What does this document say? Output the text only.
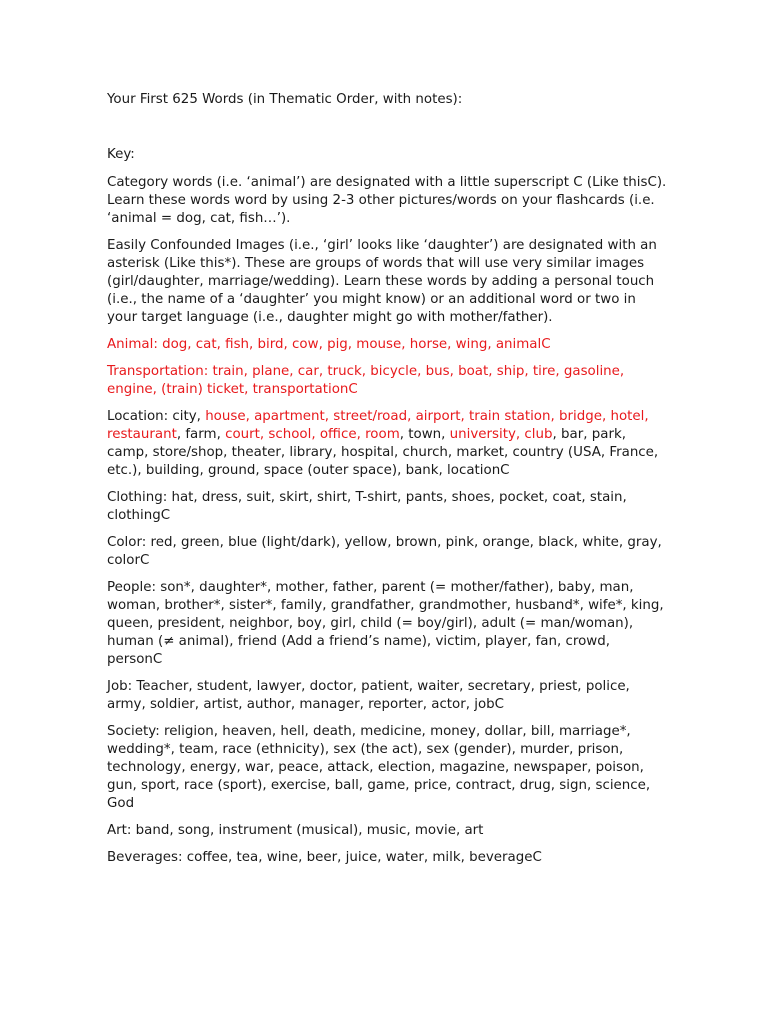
Your First 625 Words (in Thematic Order, with notes):

Key:

Category words (i.e. ‘animal’) are designated with a little superscript C (Like thisC). Learn these words word by using 2-3 other pictures/words on your flashcards (i.e. ‘animal = dog, cat, fish…’).

Easily Confounded Images (i.e., ‘girl’ looks like ‘daughter’) are designated with an asterisk (Like this*). These are groups of words that will use very similar images (girl/daughter, marriage/wedding). Learn these words by adding a personal touch (i.e., the name of a ‘daughter’ you might know) or an additional word or two in your target language (i.e., daughter might go with mother/father).

Animal: dog, cat, fish, bird, cow, pig, mouse, horse, wing, animalC

Transportation: train, plane, car, truck, bicycle, bus, boat, ship, tire, gasoline, engine, (train) ticket, transportationC

Location: city, house, apartment, street/road, airport, train station, bridge, hotel, restaurant, farm, court, school, office, room, town, university, club, bar, park, camp, store/shop, theater, library, hospital, church, market, country (USA, France, etc.), building, ground, space (outer space), bank, locationC

Clothing: hat, dress, suit, skirt, shirt, T-shirt, pants, shoes, pocket, coat, stain, clothingC

Color: red, green, blue (light/dark), yellow, brown, pink, orange, black, white, gray, colorC

People: son*, daughter*, mother, father, parent (= mother/father), baby, man, woman, brother*, sister*, family, grandfather, grandmother, husband*, wife*, king, queen, president, neighbor, boy, girl, child (= boy/girl), adult (= man/woman), human (≠ animal), friend (Add a friend’s name), victim, player, fan, crowd, personC

Job: Teacher, student, lawyer, doctor, patient, waiter, secretary, priest, police, army, soldier, artist, author, manager, reporter, actor, jobC

Society: religion, heaven, hell, death, medicine, money, dollar, bill, marriage*, wedding*, team, race (ethnicity), sex (the act), sex (gender), murder, prison, technology, energy, war, peace, attack, election, magazine, newspaper, poison, gun, sport, race (sport), exercise, ball, game, price, contract, drug, sign, science, God

Art: band, song, instrument (musical), music, movie, art

Beverages: coffee, tea, wine, beer, juice, water, milk, beverageC
